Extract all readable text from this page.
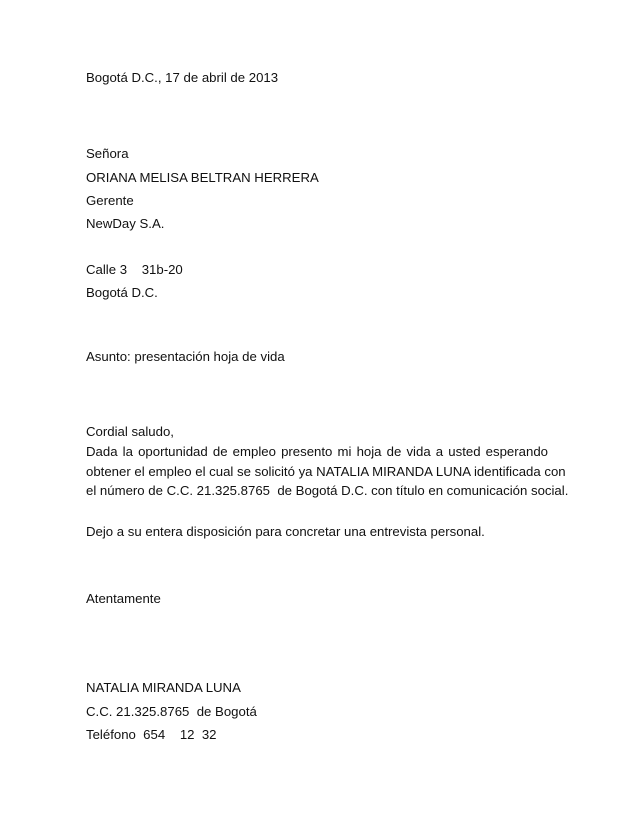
Bogotá D.C., 17 de abril de 2013
Señora
ORIANA MELISA BELTRAN HERRERA
Gerente
NewDay S.A.
Calle 3    31b-20
Bogotá D.C.
Asunto: presentación hoja de vida
Cordial saludo,
Dada la oportunidad de empleo presento mi hoja de vida a usted esperando
obtener el empleo el cual se solicitó ya NATALIA MIRANDA LUNA identificada con
el número de C.C. 21.325.8765  de Bogotá D.C. con título en comunicación social.
Dejo a su entera disposición para concretar una entrevista personal.
Atentamente
NATALIA MIRANDA LUNA
C.C. 21.325.8765  de Bogotá
Teléfono  654    12  32
